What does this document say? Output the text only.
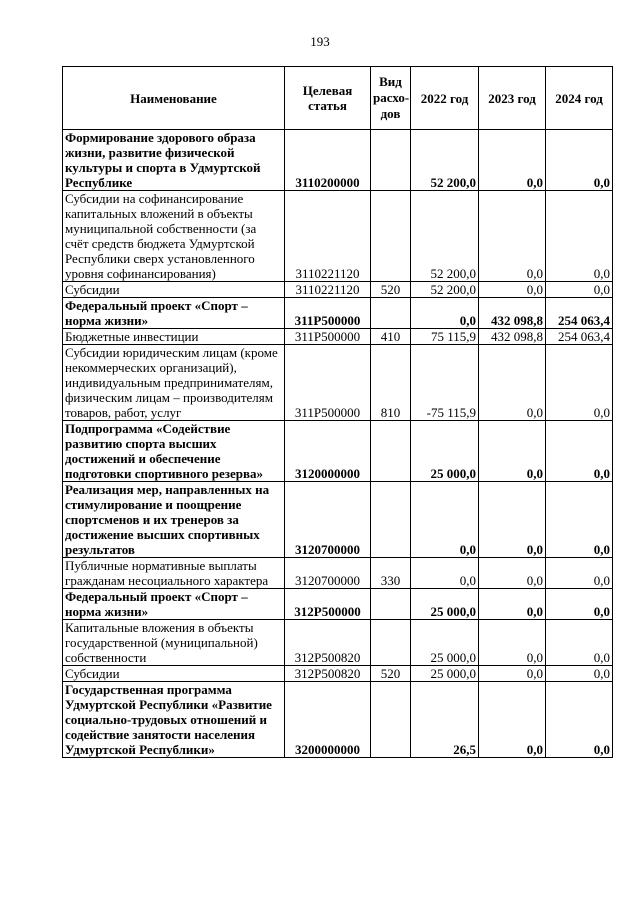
193
Наименование	Целевая статья	Вид расхо-дов	2022 год	2023 год	2024 год
Формирование здорового образа жизни, развитие физической культуры и спорта в Удмуртской Республике	3110200000		52 200,0	0,0	0,0
Субсидии на софинансирование капитальных вложений в объекты муниципальной собственности (за счёт средств бюджета Удмуртской Республики сверх установленного уровня софинансирования)	3110221120		52 200,0	0,0	0,0
Субсидии	3110221120	520	52 200,0	0,0	0,0
Федеральный проект «Спорт – норма жизни»	311Р500000		0,0	432 098,8	254 063,4
Бюджетные инвестиции	311Р500000	410	75 115,9	432 098,8	254 063,4
Субсидии юридическим лицам (кроме некоммерческих организаций), индивидуальным предпринимателям, физическим лицам – производителям товаров, работ, услуг	311Р500000	810	-75 115,9	0,0	0,0
Подпрограмма «Содействие развитию спорта высших достижений и обеспечение подготовки спортивного резерва»	3120000000		25 000,0	0,0	0,0
Реализация мер, направленных на стимулирование и поощрение спортсменов и их тренеров за достижение высших спортивных результатов	3120700000		0,0	0,0	0,0
Публичные нормативные выплаты гражданам несоциального характера	3120700000	330	0,0	0,0	0,0
Федеральный проект «Спорт – норма жизни»	312Р500000		25 000,0	0,0	0,0
Капитальные вложения в объекты государственной (муниципальной) собственности	312Р500820		25 000,0	0,0	0,0
Субсидии	312Р500820	520	25 000,0	0,0	0,0
Государственная программа Удмуртской Республики «Развитие социально-трудовых отношений и содействие занятости населения Удмуртской Республики»	3200000000		26,5	0,0	0,0
